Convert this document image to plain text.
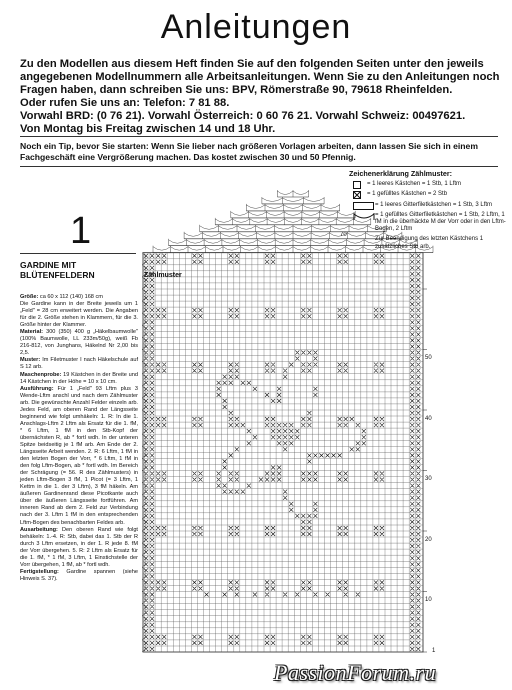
Anleitungen
Zu den Modellen aus diesem Heft finden Sie auf den folgenden Seiten unter den jeweils
angegebenen Modellnummern alle Arbeitsanleitungen. Wenn Sie zu den Anleitungen noch
Fragen haben, dann schreiben Sie uns: BPV, Römerstraße 90, 79618 Rheinfelden.
Oder rufen Sie uns an: Telefon: 7 81 88.
Vorwahl BRD: (0 76 21). Vorwahl Österreich: 0 60 76 21. Vorwahl Schweiz: 00497621.
Von Montag bis Freitag zwischen 14 und 18 Uhr.
Noch ein Tip, bevor Sie starten: Wenn Sie lieber nach größeren Vorlagen arbeiten, dann lassen Sie sich in einem
Fachgeschäft eine Vergrößerung machen. Das kostet zwischen 30 und 50 Pfennig.
1
GARDINE MIT
BLÜTENFELDERN

Größe: ca 60 x 112 (140) 168 cm

Die Gardine kann in der Breite jeweils um 1 „Feld" = 28 cm erweitert werden. Die Angaben für die 2. Größe stehen in Klammern, für die 3. Größe hinter der Klammer.

Material: 300 (350) 400 g „Häkelbaumwolle" (100% Baumwolle, LL 233m/50g), weiß Fb 216-812, von Junghans, Häkelnd Nr 2,00 bis 2,5.

Muster: Im Filetmuster I nach Häkelschule auf S 12 arb.

Maschenprobe: 19 Kästchen in der Breite und 14 Kästchen in der Höhe = 10 x 10 cm.

Ausführung: Für 1 „Feld" 93 Lftm plus 3 Wende-Lftm anschl und nach dem Zählmuster arb. Die gewünschte Anzahl Felder einzeln arb. Jedes Feld, am oberen Rand der Längsseite beginnend wie folgt umhäkeln: 1. R: In die 1. Anschlags-Lftm 2 Lftm als Ersatz für die 1. fM, * 6 Lftm, 1 fM in den Stb-Kopf der übernächsten R, ab * fortl wdh. In der unteren Spitze beidseitig je 1 fM arb. Am Ende der 2. Längsseite Arbeit wenden. 2. R: 6 Lftm, 1 fM in den letzten Bogen der Vorr, * 6 Lftm, 1 fM in den folg Lftm-Bogen, ab * fortl wdh. Im Bereich der Schrägung (= 56. R des Zählmusters) in jeden Lftm-Bogen 3 fM, 1 Picot (= 3 Lftm, 1 Kettm in die 1. der 3 Lftm), 3 fM häkeln. Am äußeren Gardinenrand diese Picotkante auch über die äußeren Längsseite fortführen. Am inneren Rand ab dem 2. Feld zur Verbindung nach der 3. Lftm 1 fM in den entsprechenden Lftm-Bogen des benachbarten Feldes arb.

Ausarbeitung: Den oberen Rand wie folgt behäkeln: 1.-4. R: Stb, dabei das 1. Stb der R durch 3 Lftm ersetzen, in der 1. R jede 8. fM der Vorr übergehen. 5. R: 2 Lftm als Ersatz für die 1. fM, * 1 fM, 3 Lftm, 1 Einstichstelle der Vorr übergehen, 1 fM, ab * fortl wdh.

Fertigstellung: Gardine spannen (siehe Hinweis S. 37).

Zeichenerklärung Zählmuster:
= 1 leeres Kästchen = 1 Stb, 1 Lftm
= 1 gefülltes Kästchen = 2 Stb
= 1 leeres Gitterfiletkästchen = 1 Stb, 3 Lftm
= 1 gefülltes Gitterfiletkästchen = 1 Stb, 2 Lftm, 1 fM in die überhäckte M der Vorr oder in den Lftm-Bogen, 2 Lftm
Zur Beendigung des letzten Kästchens 1 zusätzliches Stb arb.
Zählmuster
70
50
40
30
20
10
1
PassionForum.ru
